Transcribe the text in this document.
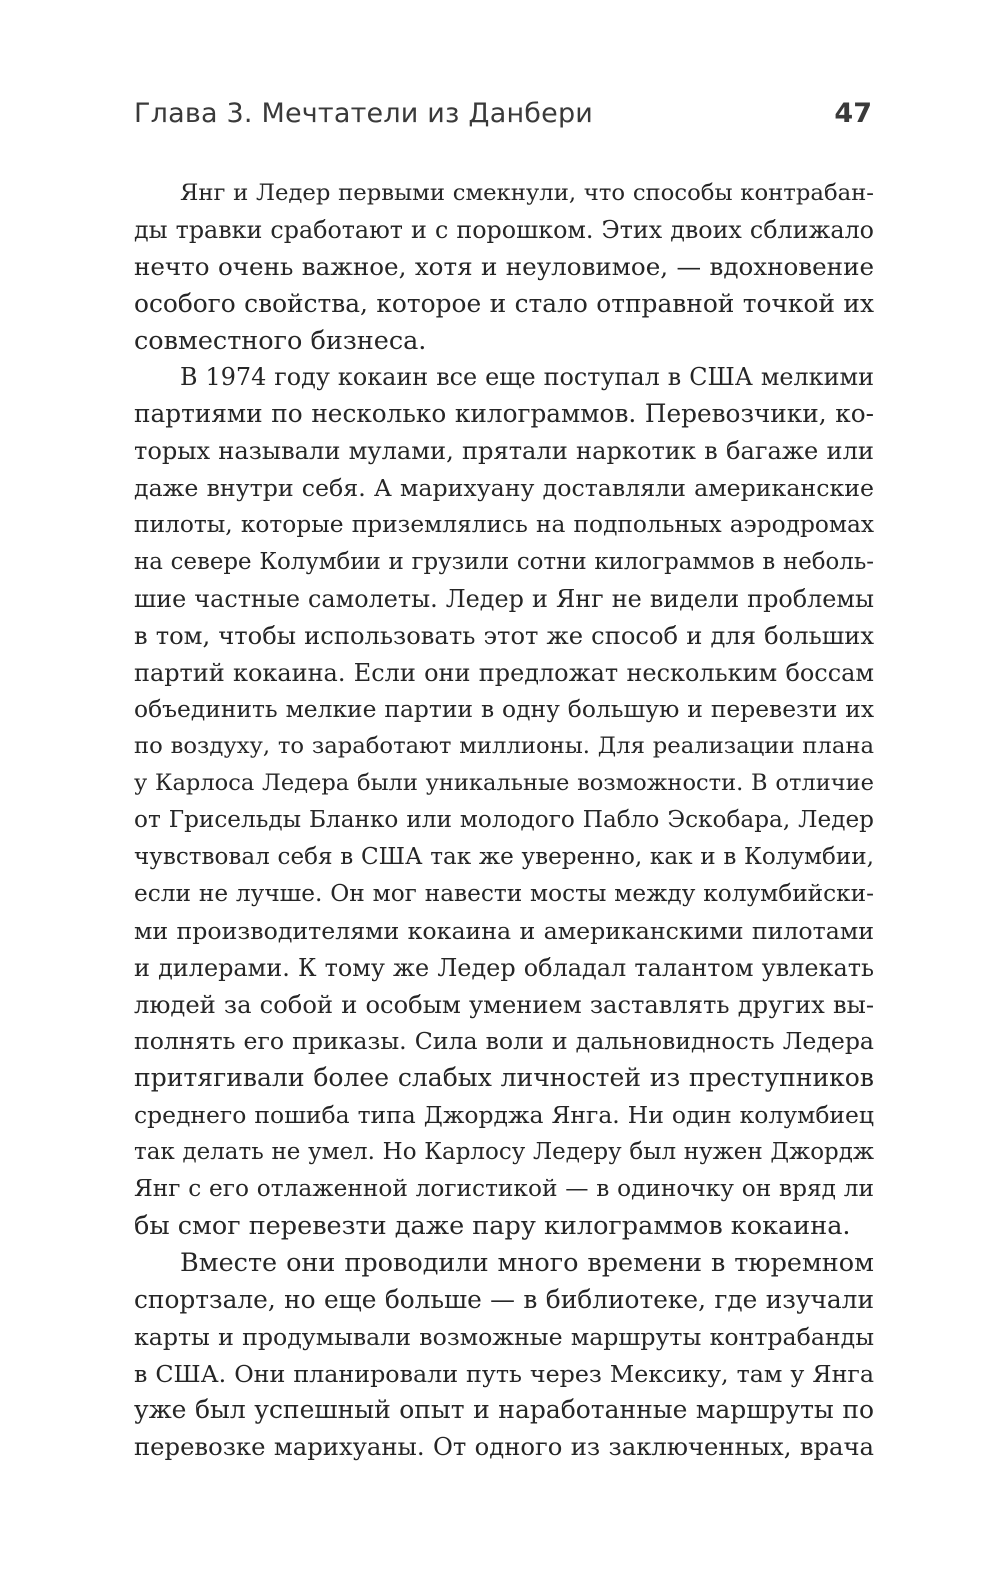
Глава 3. Мечтатели из Данбери	47
Янг и Ледер первыми смекнули, что способы контрабан-
ды травки сработают и с порошком. Этих двоих сближало
нечто очень важное, хотя и неуловимое, — вдохновение
особого свойства, которое и стало отправной точкой их
совместного бизнеса.
В 1974 году кокаин все еще поступал в США мелкими
партиями по несколько килограммов. Перевозчики, ко-
торых называли мулами, прятали наркотик в багаже или
даже внутри себя. А марихуану доставляли американские
пилоты, которые приземлялись на подпольных аэродромах
на севере Колумбии и грузили сотни килограммов в неболь-
шие частные самолеты. Ледер и Янг не видели проблемы
в том, чтобы использовать этот же способ и для больших
партий кокаина. Если они предложат нескольким боссам
объединить мелкие партии в одну большую и перевезти их
по воздуху, то заработают миллионы. Для реализации плана
у Карлоса Ледера были уникальные возможности. В отличие
от Грисельды Бланко или молодого Пабло Эскобара, Ледер
чувствовал себя в США так же уверенно, как и в Колумбии,
если не лучше. Он мог навести мосты между колумбийски-
ми производителями кокаина и американскими пилотами
и дилерами. К тому же Ледер обладал талантом увлекать
людей за собой и особым умением заставлять других вы-
полнять его приказы. Сила воли и дальновидность Ледера
притягивали более слабых личностей из преступников
среднего пошиба типа Джорджа Янга. Ни один колумбиец
так делать не умел. Но Карлосу Ледеру был нужен Джордж
Янг с его отлаженной логистикой — в одиночку он вряд ли
бы смог перевезти даже пару килограммов кокаина.
Вместе они проводили много времени в тюремном
спортзале, но еще больше — в библиотеке, где изучали
карты и продумывали возможные маршруты контрабанды
в США. Они планировали путь через Мексику, там у Янга
уже был успешный опыт и наработанные маршруты по
перевозке марихуаны. От одного из заключенных, врача
